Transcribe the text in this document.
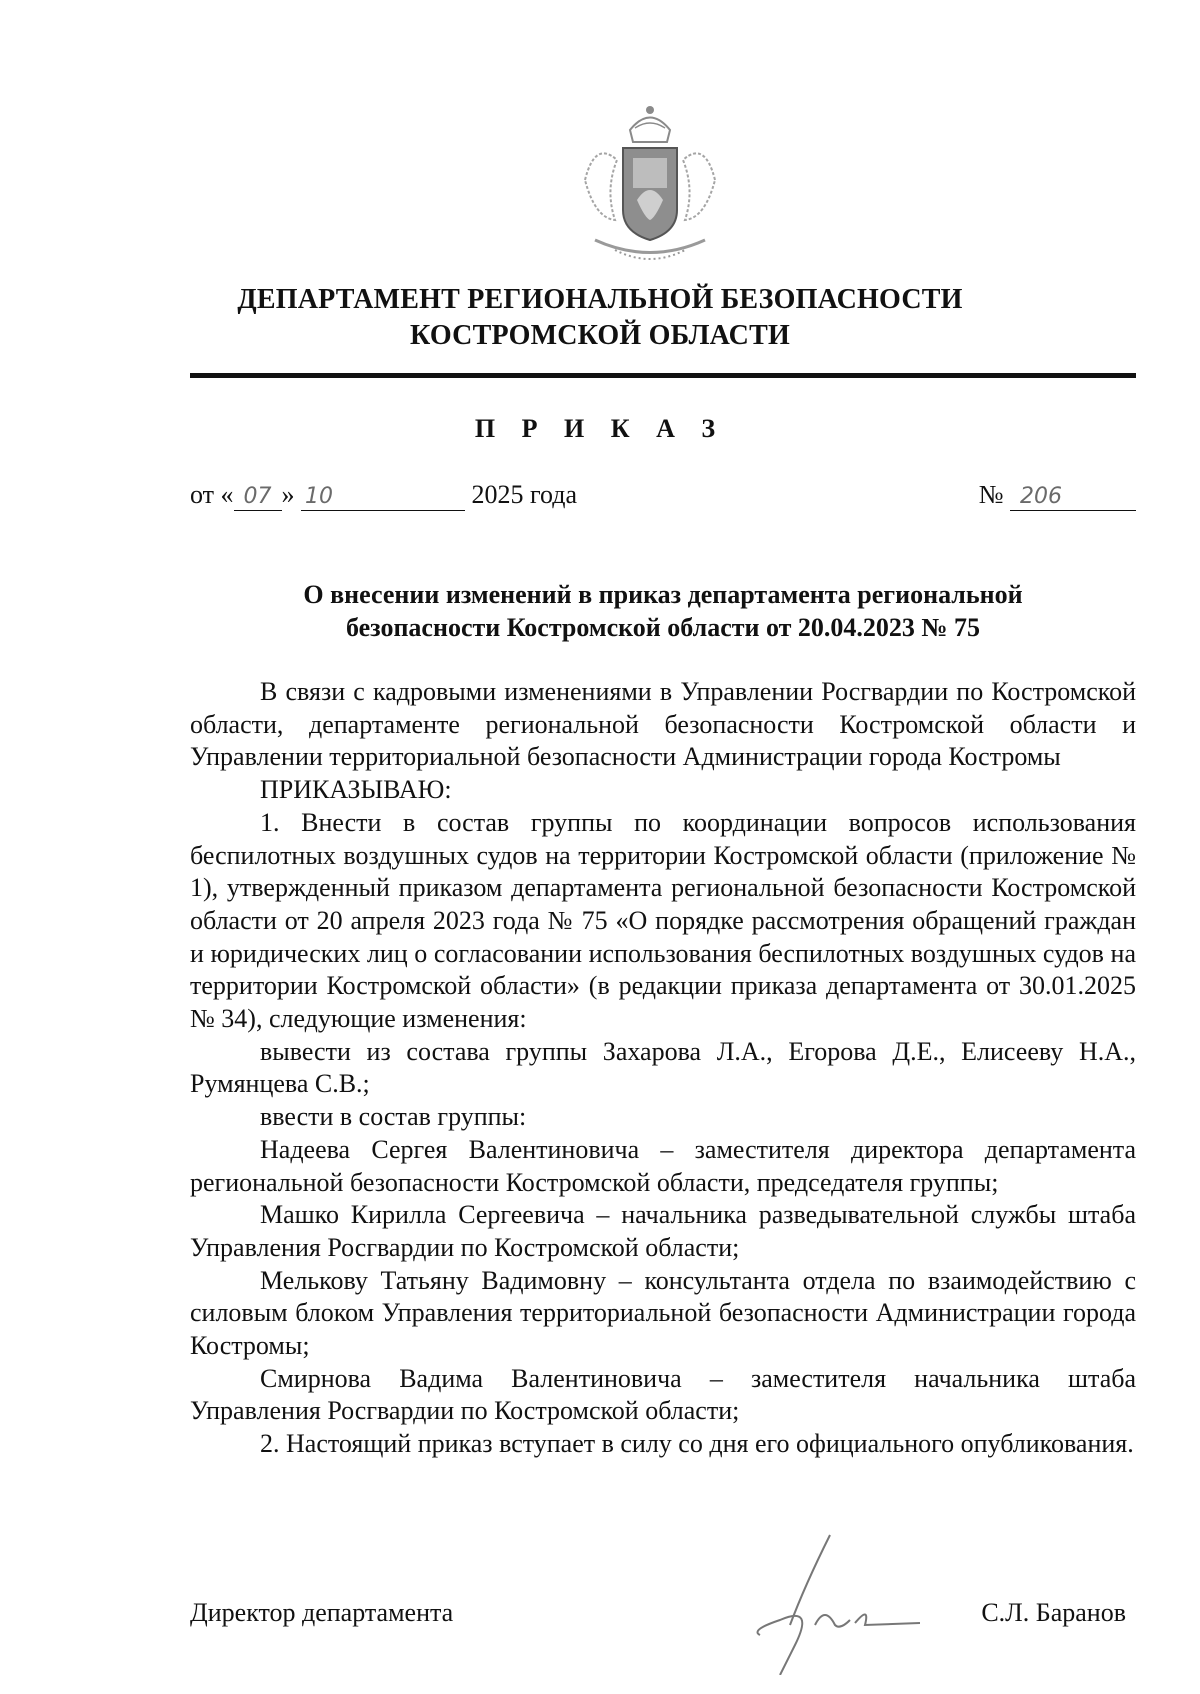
ДЕПАРТАМЕНТ РЕГИОНАЛЬНОЙ БЕЗОПАСНОСТИ
КОСТРОМСКОЙ ОБЛАСТИ
П Р И К А З
от « 07 » 10	2025 года	№ 206
О внесении изменений в приказ департамента региональной
безопасности Костромской области от 20.04.2023 № 75

В связи с кадровыми изменениями в Управлении Росгвардии по Костромской области, департаменте региональной безопасности Костромской области и Управлении территориальной безопасности Администрации города Костромы

ПРИКАЗЫВАЮ:

1. Внести в состав группы по координации вопросов использования беспилотных воздушных судов на территории Костромской области (приложение № 1), утвержденный приказом департамента региональной безопасности Костромской области от 20 апреля 2023 года № 75 «О порядке рассмотрения обращений граждан и юридических лиц о согласовании использования беспилотных воздушных судов на территории Костромской области» (в редакции приказа департамента от 30.01.2025 № 34), следующие изменения:

вывести из состава группы Захарова Л.А., Егорова Д.Е., Елисееву Н.А., Румянцева С.В.;

ввести в состав группы:

Надеева Сергея Валентиновича – заместителя директора департамента региональной безопасности Костромской области, председателя группы;

Машко Кирилла Сергеевича – начальника разведывательной службы штаба Управления Росгвардии по Костромской области;

Мелькову Татьяну Вадимовну – консультанта отдела по взаимодействию с силовым блоком Управления территориальной безопасности Администрации города Костромы;

Смирнова Вадима Валентиновича – заместителя начальника штаба Управления Росгвардии по Костромской области;

2. Настоящий приказ вступает в силу со дня его официального опубликования.

Директор департамента	С.Л. Баранов
